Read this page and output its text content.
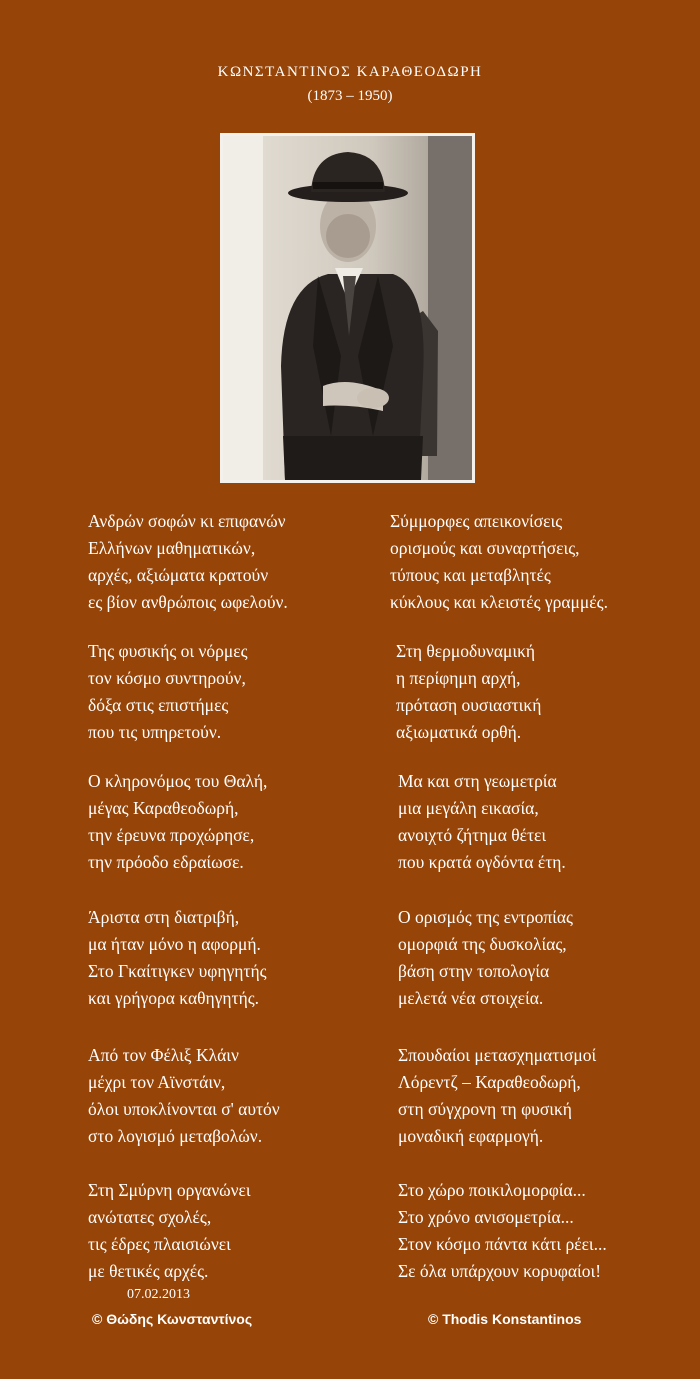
ΚΩΝΣΤΑΝΤΙΝΟΣ ΚΑΡΑΘΕΟΔΩΡΗ
(1873 – 1950)
Ανδρών σοφών κι επιφανών
Ελλήνων μαθηματικών,
αρχές, αξιώματα κρατούν
ες βίον ανθρώποις ωφελούν.
Της φυσικής οι νόρμες
τον κόσμο συντηρούν,
δόξα στις επιστήμες
που τις υπηρετούν.
Ο κληρονόμος του Θαλή,
μέγας Καραθεοδωρή,
την έρευνα προχώρησε,
την πρόοδο εδραίωσε.
Άριστα στη διατριβή,
μα ήταν μόνο η αφορμή.
Στο Γκαίτιγκεν υφηγητής
και γρήγορα καθηγητής.
Από τον Φέλιξ Κλάιν
μέχρι τον Αϊνστάιν,
όλοι υποκλίνονται σ' αυτόν
στο λογισμό μεταβολών.
Στη Σμύρνη οργανώνει
ανώτατες σχολές,
τις έδρες πλαισιώνει
με θετικές αρχές.
Σύμμορφες απεικονίσεις
ορισμούς και συναρτήσεις,
τύπους και μεταβλητές
κύκλους και κλειστές γραμμές.
Στη θερμοδυναμική
η περίφημη αρχή,
πρόταση ουσιαστική
αξιωματικά ορθή.
Μα και στη γεωμετρία
μια μεγάλη εικασία,
ανοιχτό ζήτημα θέτει
που κρατά ογδόντα έτη.
Ο ορισμός της εντροπίας
ομορφιά της δυσκολίας,
βάση στην τοπολογία
μελετά νέα στοιχεία.
Σπουδαίοι μετασχηματισμοί
Λόρεντζ – Καραθεοδωρή,
στη σύγχρονη τη φυσική
μοναδική εφαρμογή.
Στο χώρο ποικιλομορφία...
Στο χρόνο ανισομετρία...
Στον κόσμο πάντα κάτι ρέει...
Σε όλα υπάρχουν κορυφαίοι!
07.02.2013
© Θώδης Κωνσταντίνος	© Thodis Konstantinos
